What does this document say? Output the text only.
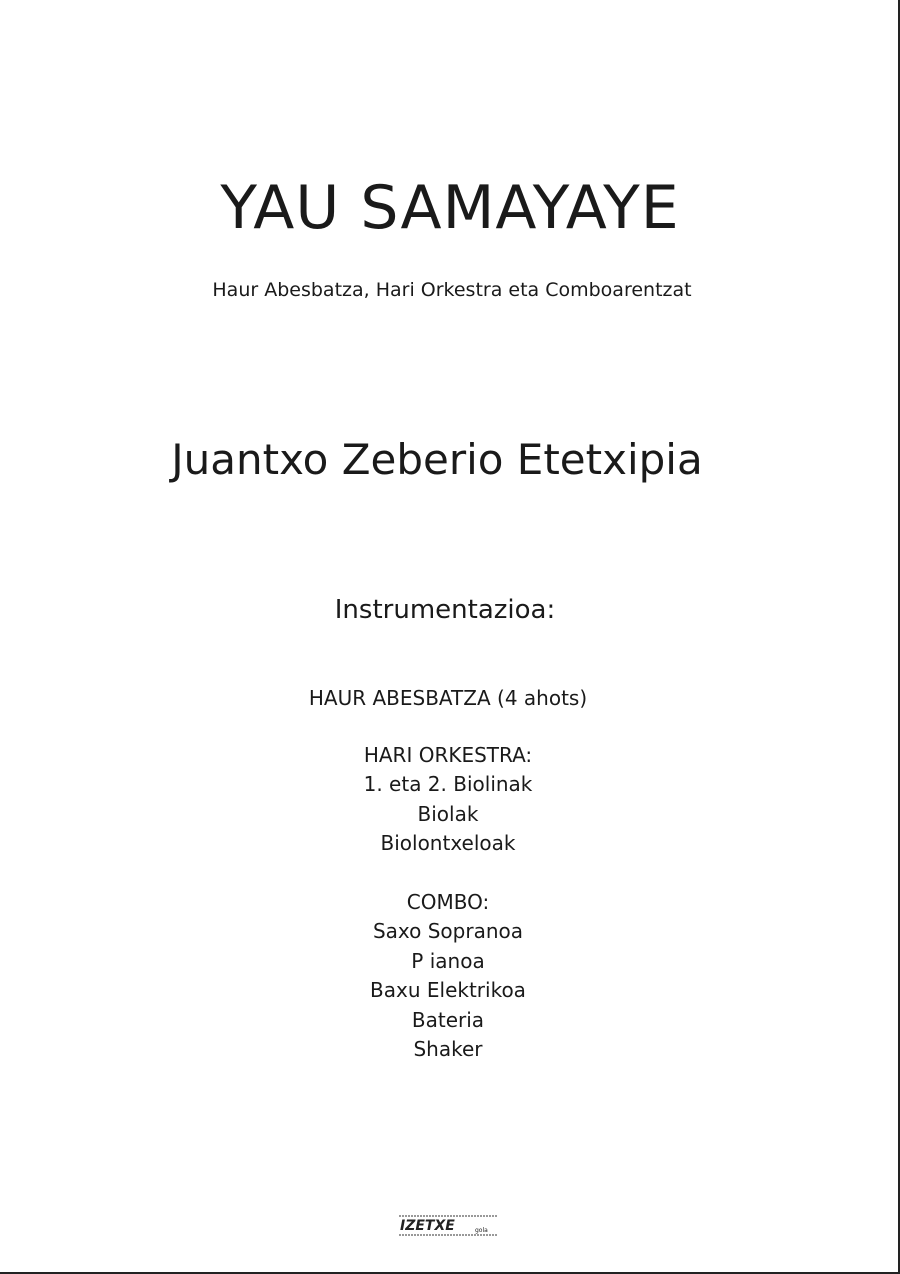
YAU SAMAYAYE

Haur Abesbatza, Hari Orkestra eta Comboarentzat

Juantxo Zeberio Etetxipia

Instrumentazioa:

HAUR ABESBATZA (4 ahots)
HARI ORKESTRA:
1. eta 2. Biolinak
Biolak
Biolontxeloak
COMBO:
Saxo Sopranoa
P ianoa
Baxu Elektrikoa
Bateria
Shaker
IZETXE	gola
